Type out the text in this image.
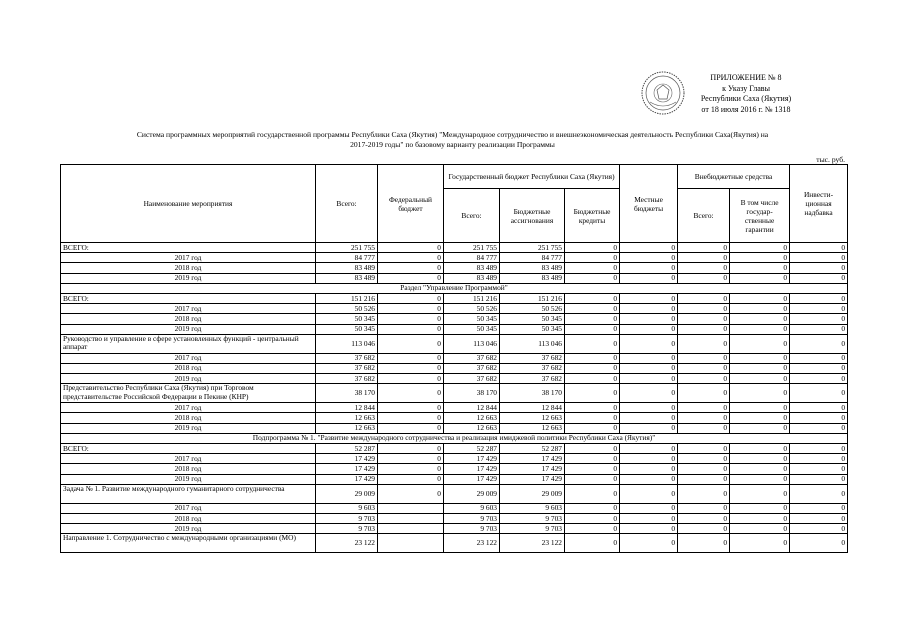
ПРИЛОЖЕНИЕ № 8
к Указу Главы
Республики Саха (Якутия)
от 18 июля 2016 г. № 1318
Система программных мероприятий государственной программы Республики Саха (Якутия) "Международное сотрудничество и внешнеэкономическая деятельность Республики Саха(Якутия) на
2017-2019 годы" по базовому варианту реализации Программы
тыс. руб.
Наименование мероприятия	Всего:	Федеральный бюджет	Государственный бюджет Республики Саха (Якутия)			Местные бюджеты	Внебюджетные средства		Инвести-ционная надбавка
			Всего:	Бюджетные ассигнования	Бюджетные кредиты		Всего:	В том числе государ-ственные гарантии	
ВСЕГО:	251 755	0	251 755	251 755	0	0	0	0	0
2017 год	84 777	0	84 777	84 777	0	0	0	0	0
2018 год	83 489	0	83 489	83 489	0	0	0	0	0
2019 год	83 489	0	83 489	83 489	0	0	0	0	0
Раздел "Управление Программой"									
ВСЕГО:	151 216	0	151 216	151 216	0	0	0	0	0
2017 год	50 526	0	50 526	50 526	0	0	0	0	0
2018 год	50 345	0	50 345	50 345	0	0	0	0	0
2019 год	50 345	0	50 345	50 345	0	0	0	0	0
Руководство и управление в сфере установленных функций - центральный аппарат	113 046	0	113 046	113 046	0	0	0	0	0
2017 год	37 682	0	37 682	37 682	0	0	0	0	0
2018 год	37 682	0	37 682	37 682	0	0	0	0	0
2019 год	37 682	0	37 682	37 682	0	0	0	0	0
Представительство Республики Саха (Якутия) при Торговом представительстве Российской Федерации в Пекине (КНР)	38 170	0	38 170	38 170	0	0	0	0	0
2017 год	12 844	0	12 844	12 844	0	0	0	0	0
2018 год	12 663	0	12 663	12 663	0	0	0	0	0
2019 год	12 663	0	12 663	12 663	0	0	0	0	0
Подпрограмма № 1. "Развитие международного сотрудничества и реализация имиджевой политики Республики Саха (Якутия)"									
ВСЕГО:	52 287	0	52 287	52 287	0	0	0	0	0
2017 год	17 429	0	17 429	17 429	0	0	0	0	0
2018 год	17 429	0	17 429	17 429	0	0	0	0	0
2019 год	17 429	0	17 429	17 429	0	0	0	0	0
Задача № 1. Развитие международного гуманитарного сотрудничества	29 009	0	29 009	29 009	0	0	0	0	0
2017 год	9 603		9 603	9 603	0	0	0	0	0
2018 год	9 703		9 703	9 703	0	0	0	0	0
2019 год	9 703		9 703	9 703	0	0	0	0	0
Направление 1. Сотрудничество с международными организациями (МО)	23 122		23 122	23 122	0	0	0	0	0
